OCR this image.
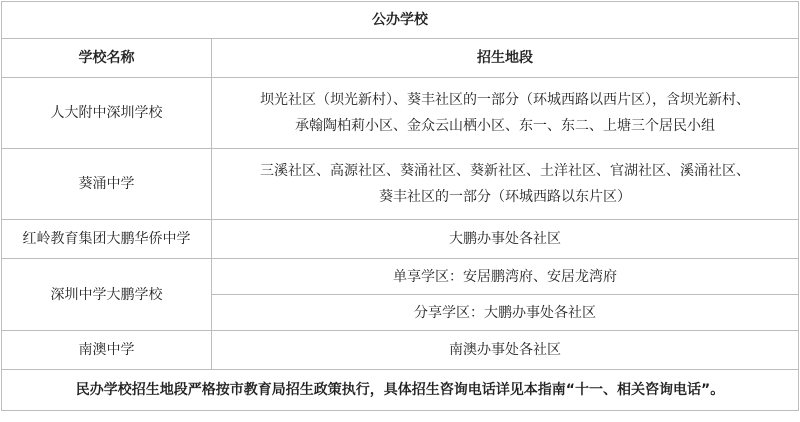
公办学校	
学校名称	招生地段
人大附中深圳学校	坝光社区（坝光新村）、葵丰社区的一部分（环城西路以西片区），含坝光新村、
承翰陶柏莉小区、金众云山栖小区、东一、东二、上塘三个居民小组

葵涌中学	三溪社区、高源社区、葵涌社区、葵新社区、土洋社区、官湖社区、溪涌社区、
葵丰社区的一部分（环城西路以东片区）

红岭教育集团大鹏华侨中学	大鹏办事处各社区
深圳中学大鹏学校	单享学区：安居鹏湾府、安居龙湾府
	分享学区：大鹏办事处各社区
南澳中学	南澳办事处各社区
民办学校招生地段严格按市教育局招生政策执行，具体招生咨询电话详见本指南“十一、相关咨询电话”。	
